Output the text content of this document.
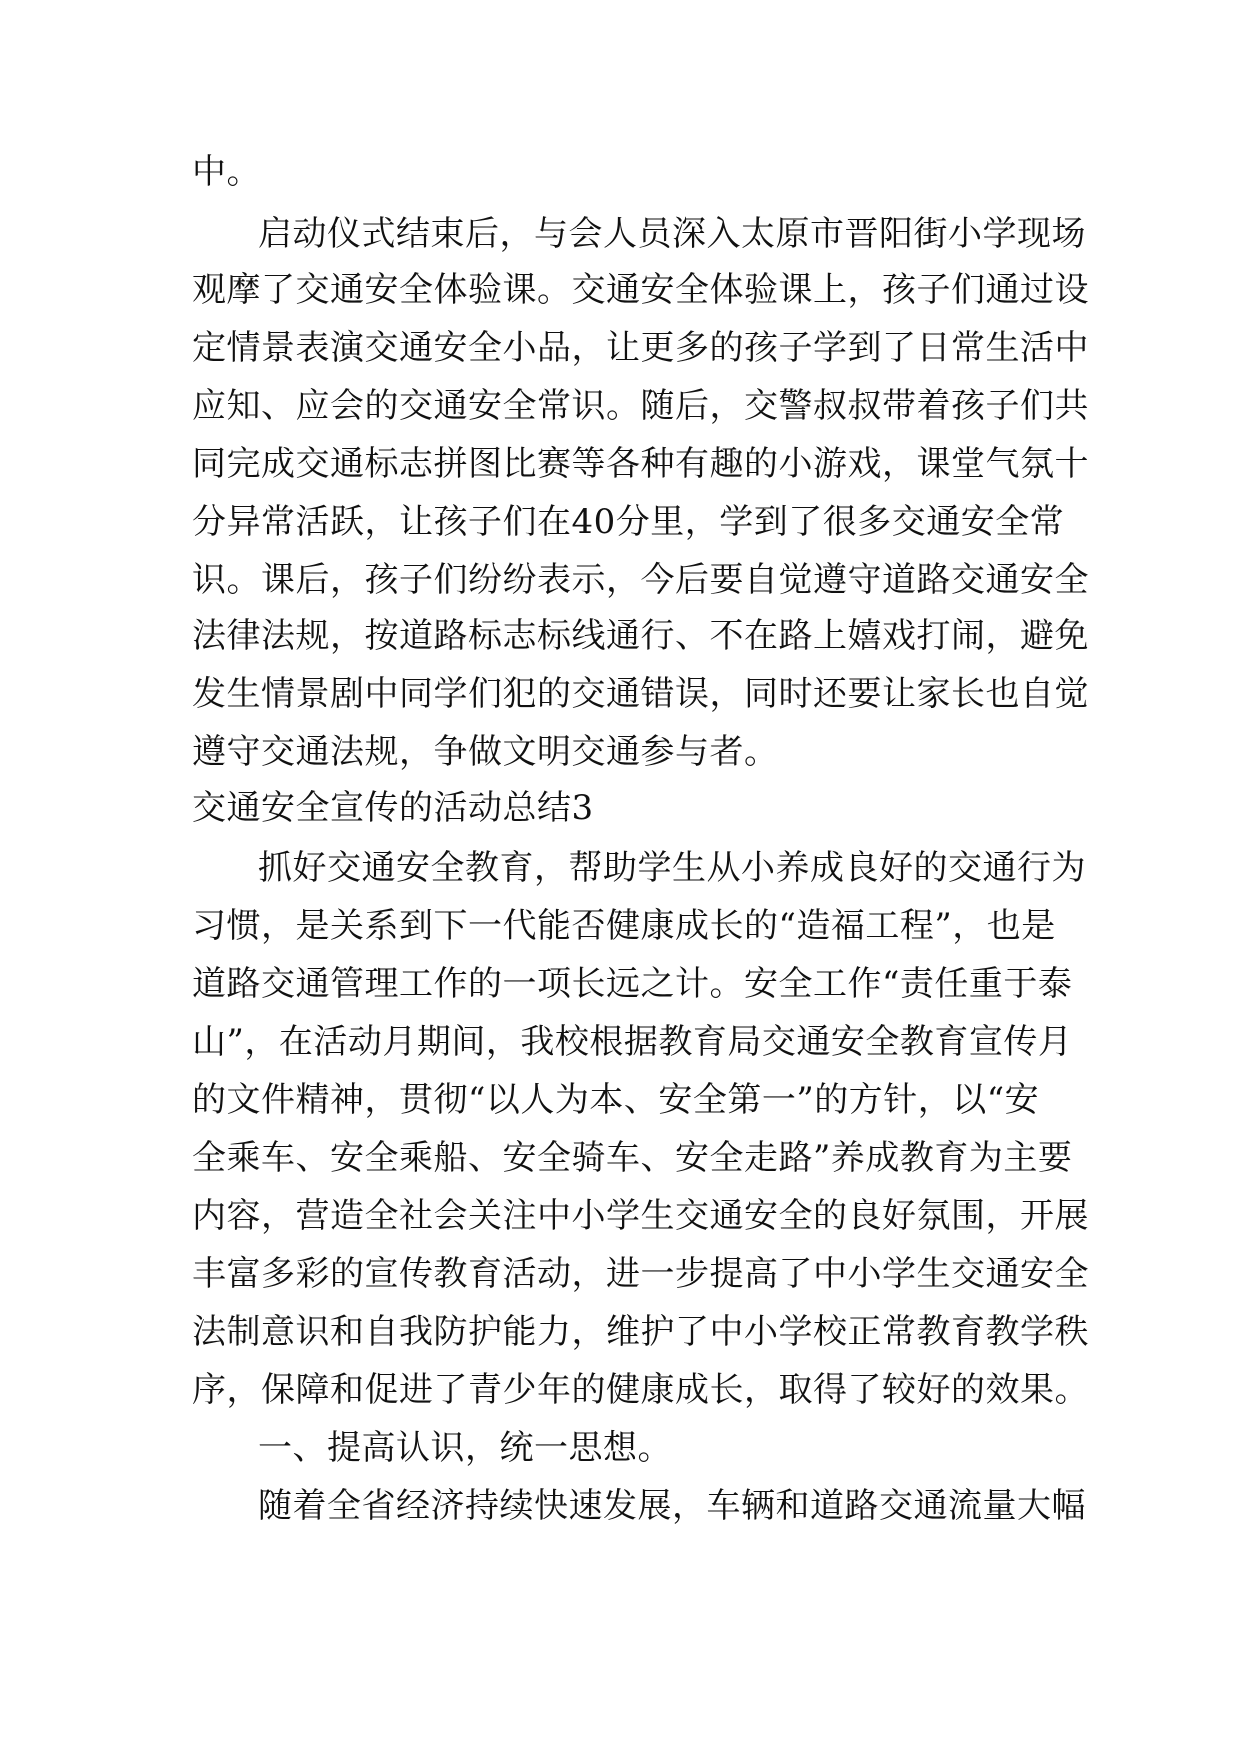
中。
启动仪式结束后，与会人员深入太原市晋阳街小学现场
观摩了交通安全体验课。交通安全体验课上，孩子们通过设
定情景表演交通安全小品，让更多的孩子学到了日常生活中
应知、应会的交通安全常识。随后，交警叔叔带着孩子们共
同完成交通标志拼图比赛等各种有趣的小游戏，课堂气氛十
分异常活跃，让孩子们在40分里，学到了很多交通安全常
识。课后，孩子们纷纷表示，今后要自觉遵守道路交通安全
法律法规，按道路标志标线通行、不在路上嬉戏打闹，避免
发生情景剧中同学们犯的交通错误，同时还要让家长也自觉
遵守交通法规，争做文明交通参与者。
交通安全宣传的活动总结3
抓好交通安全教育，帮助学生从小养成良好的交通行为
习惯，是关系到下一代能否健康成长的“造福工程”，也是
道路交通管理工作的一项长远之计。安全工作“责任重于泰
山”，在活动月期间，我校根据教育局交通安全教育宣传月
的文件精神，贯彻“以人为本、安全第一”的方针，以“安
全乘车、安全乘船、安全骑车、安全走路”养成教育为主要
内容，营造全社会关注中小学生交通安全的良好氛围，开展
丰富多彩的宣传教育活动，进一步提高了中小学生交通安全
法制意识和自我防护能力，维护了中小学校正常教育教学秩
序，保障和促进了青少年的健康成长，取得了较好的效果。
一、提高认识，统一思想。
随着全省经济持续快速发展，车辆和道路交通流量大幅
